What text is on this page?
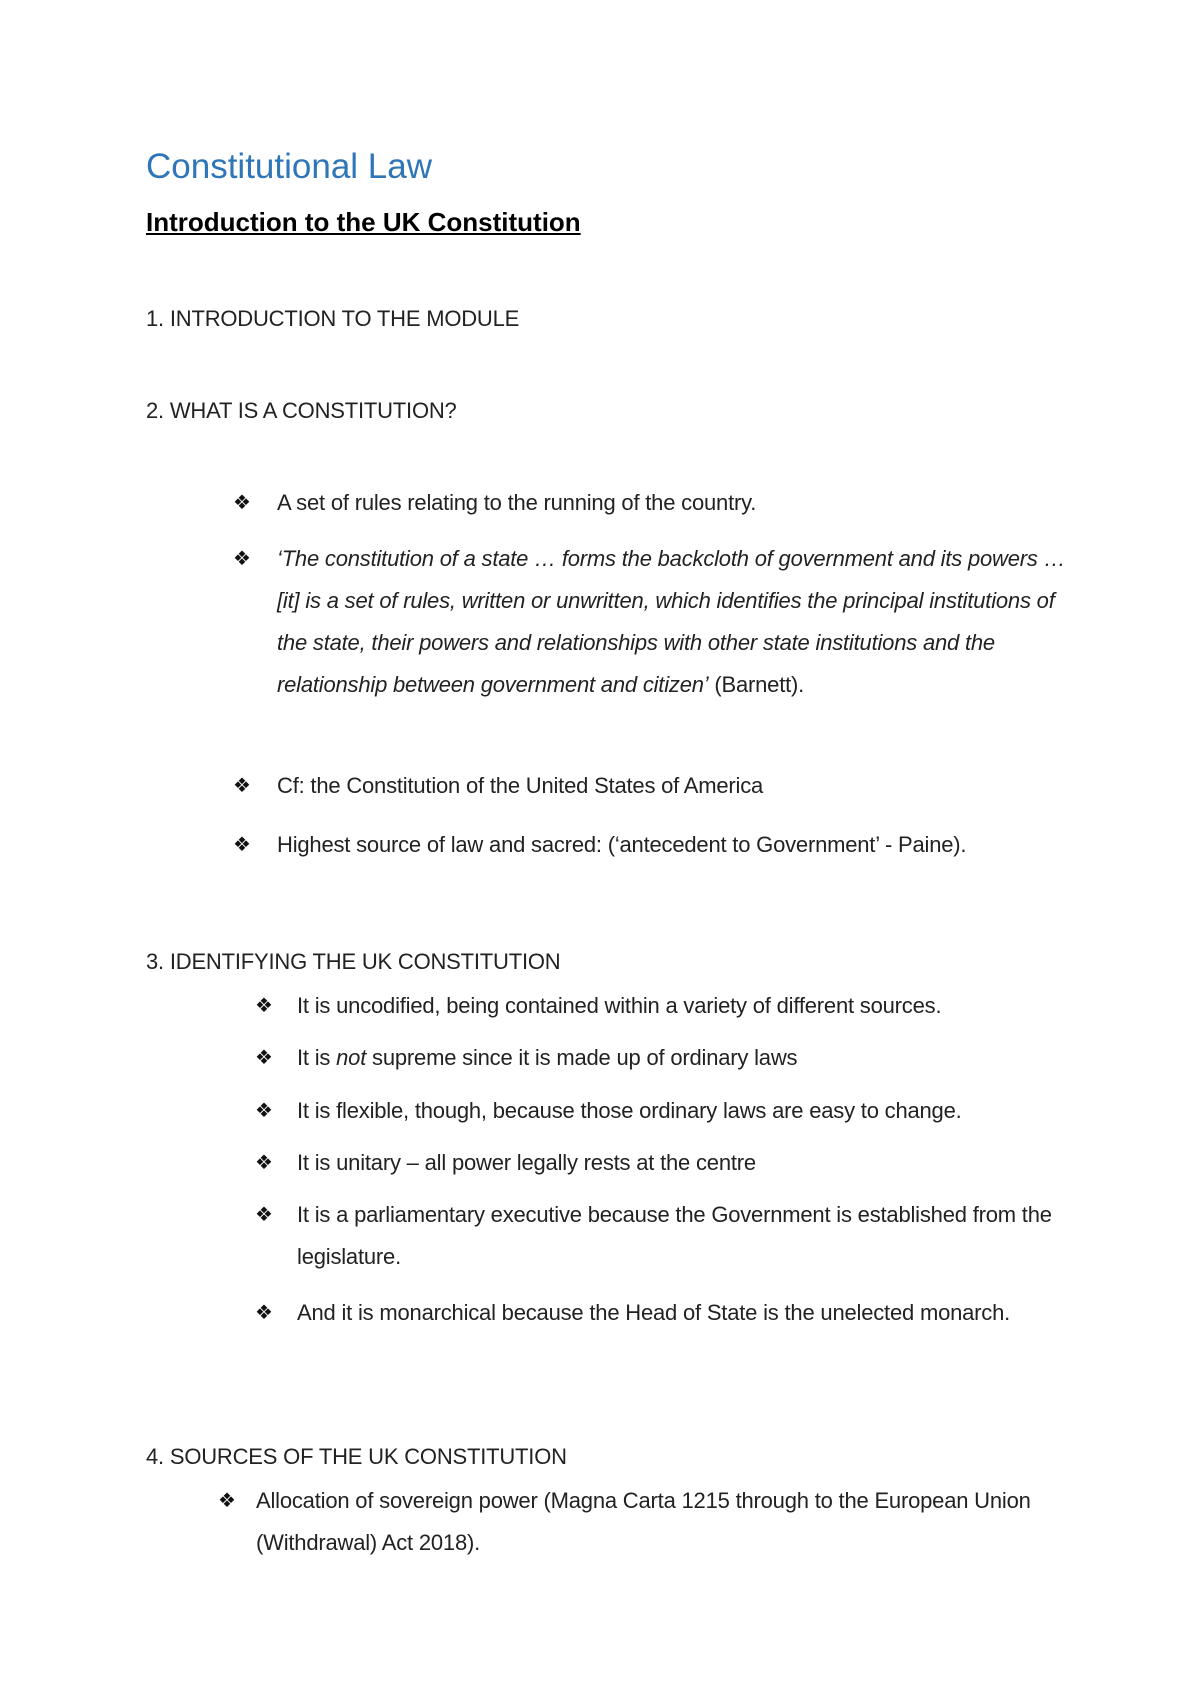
Constitutional Law
Introduction to the UK Constitution
1. INTRODUCTION TO THE MODULE
2. WHAT IS A CONSTITUTION?
❖ A set of rules relating to the running of the country.
❖ ‘The constitution of a state … forms the backcloth of government and its powers … [it] is a set of rules, written or unwritten, which identifies the principal institutions of the state, their powers and relationships with other state institutions and the relationship between government and citizen’ (Barnett).
❖ Cf: the Constitution of the United States of America
❖ Highest source of law and sacred: (‘antecedent to Government’ - Paine).
3. IDENTIFYING THE UK CONSTITUTION
❖ It is uncodified, being contained within a variety of different sources.
❖ It is not supreme since it is made up of ordinary laws
❖ It is flexible, though, because those ordinary laws are easy to change.
❖ It is unitary – all power legally rests at the centre
❖ It is a parliamentary executive because the Government is established from the legislature.
❖ And it is monarchical because the Head of State is the unelected monarch.
4. SOURCES OF THE UK CONSTITUTION
❖ Allocation of sovereign power (Magna Carta 1215 through to the European Union (Withdrawal) Act 2018).
